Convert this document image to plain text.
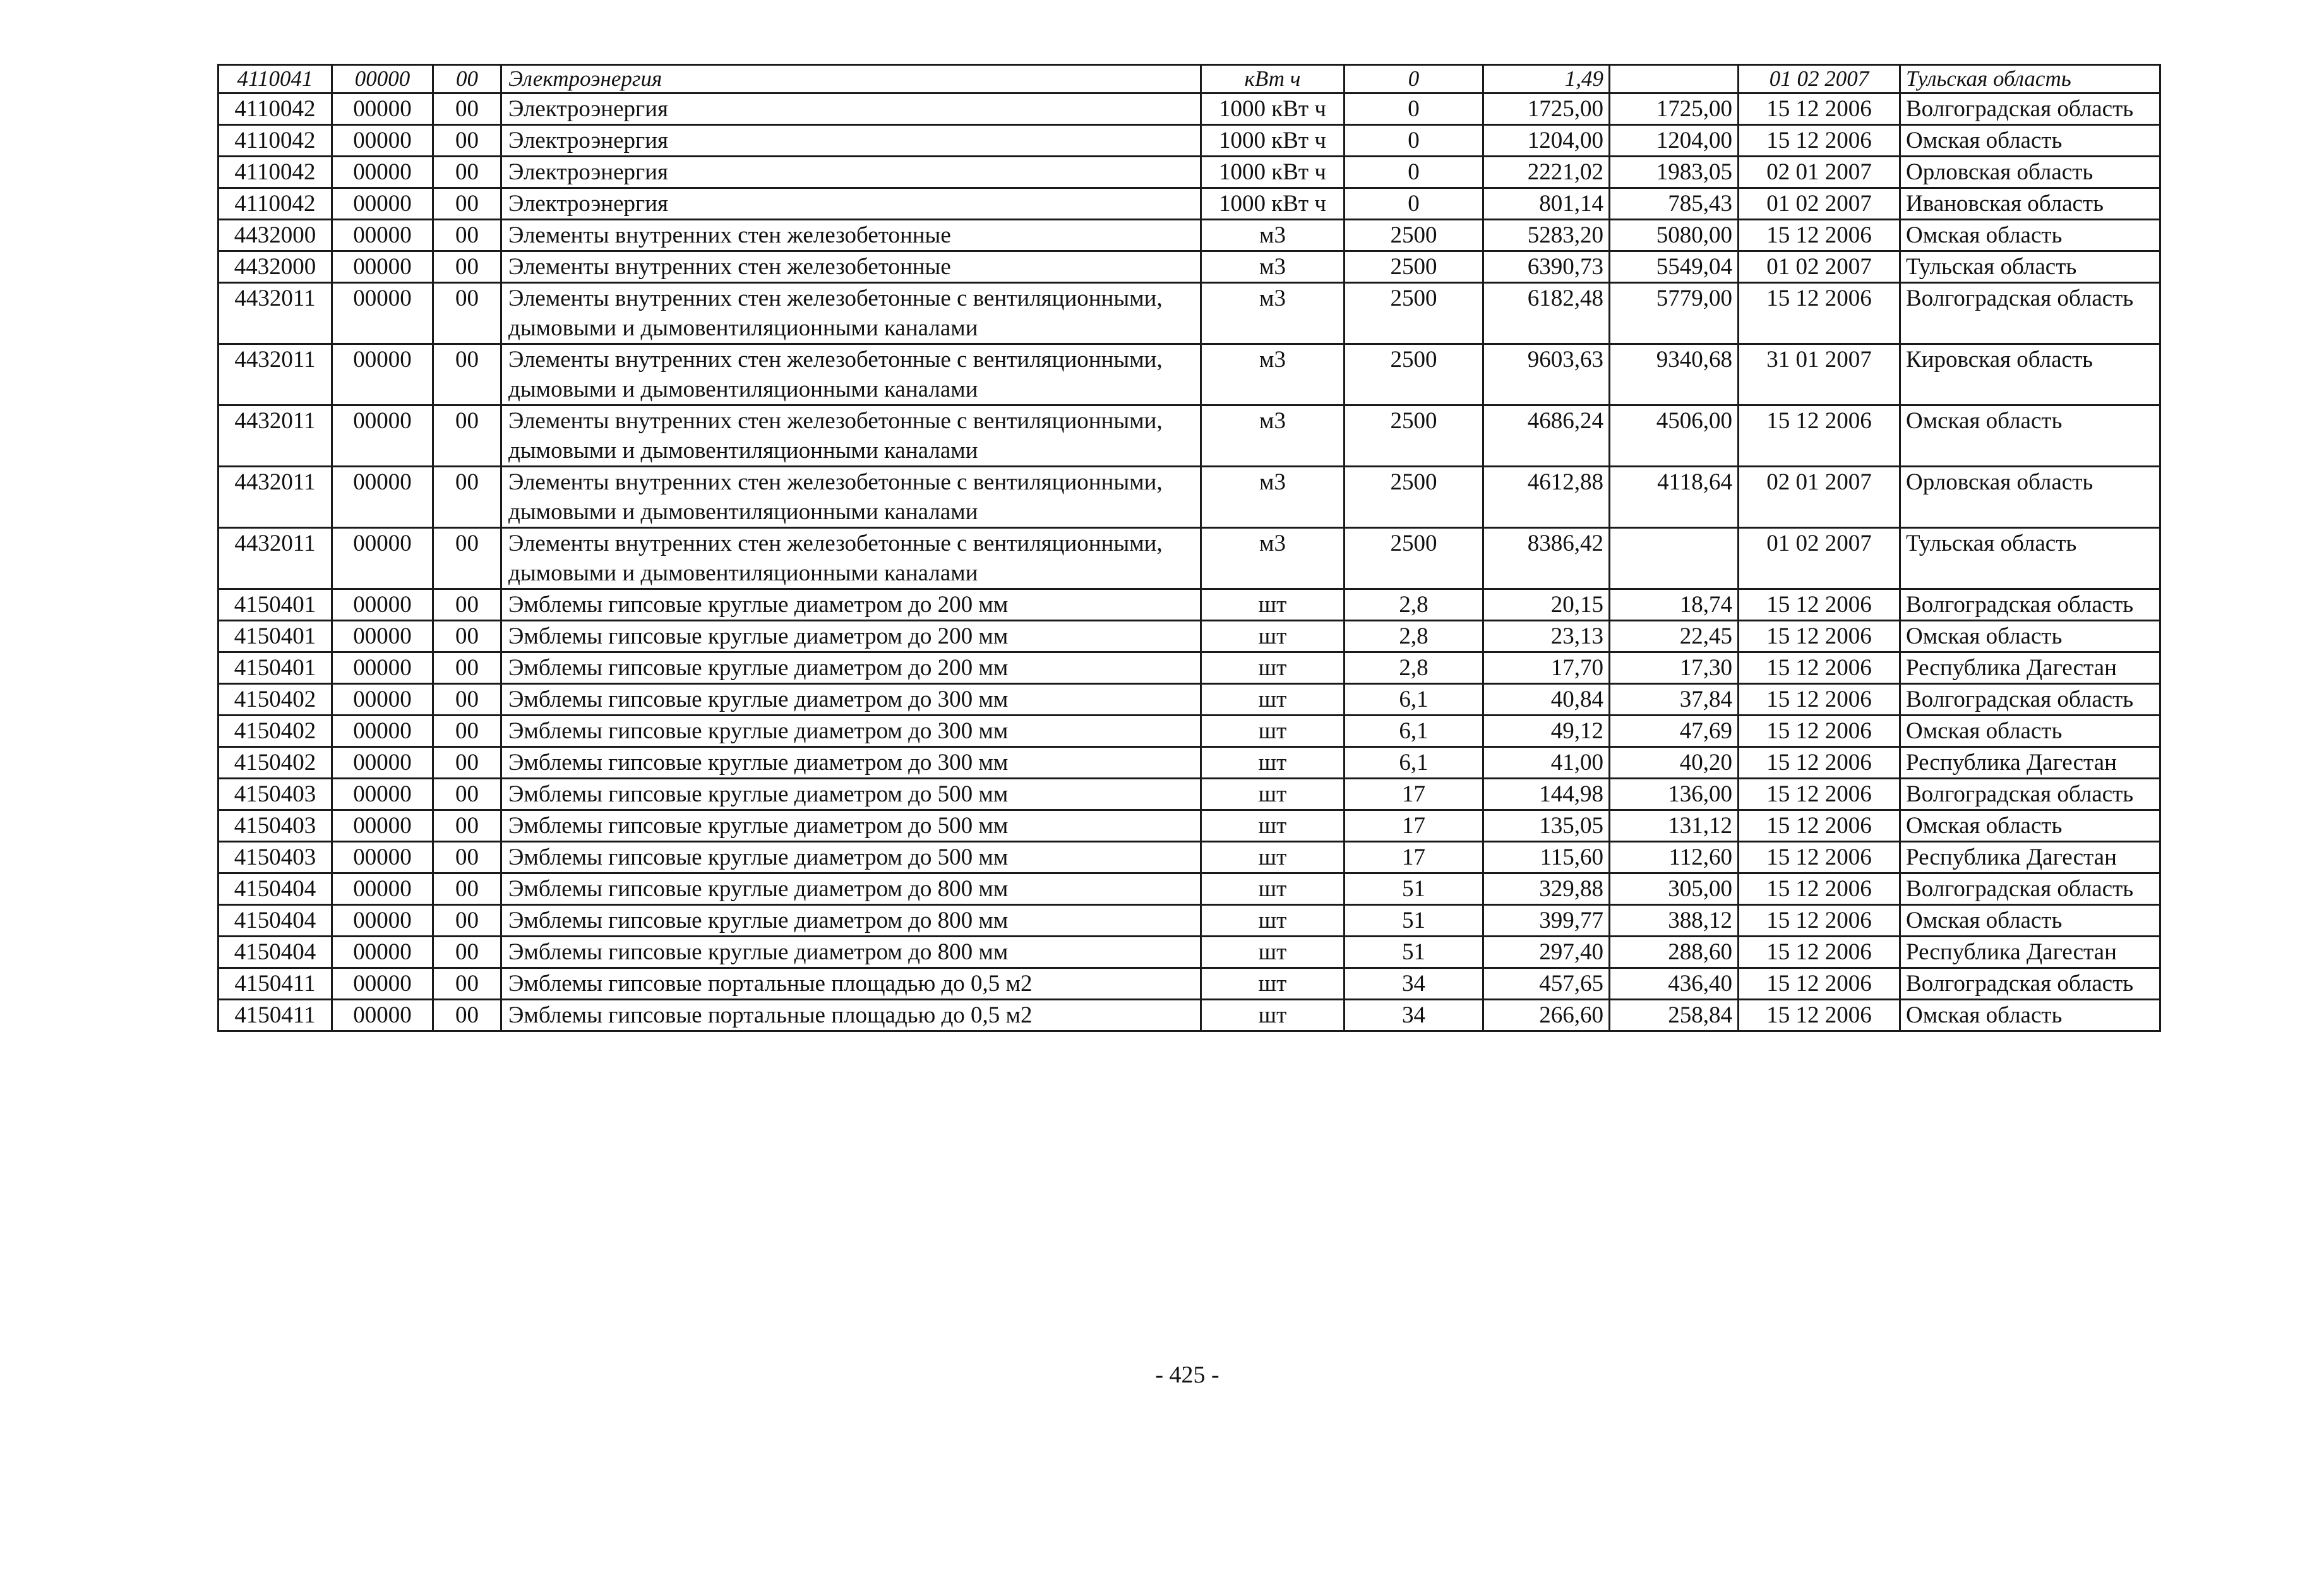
4110041	00000	00	Электроэнергия	кВт ч	0	1,49		01 02 2007	Тульская область
4110042	00000	00	Электроэнергия	1000 кВт ч	0	1725,00	1725,00	15 12 2006	Волгоградская область
4110042	00000	00	Электроэнергия	1000 кВт ч	0	1204,00	1204,00	15 12 2006	Омская область
4110042	00000	00	Электроэнергия	1000 кВт ч	0	2221,02	1983,05	02 01 2007	Орловская область
4110042	00000	00	Электроэнергия	1000 кВт ч	0	801,14	785,43	01 02 2007	Ивановская область
4432000	00000	00	Элементы внутренних стен железобетонные	м3	2500	5283,20	5080,00	15 12 2006	Омская область
4432000	00000	00	Элементы внутренних стен железобетонные	м3	2500	6390,73	5549,04	01 02 2007	Тульская область
4432011	00000	00	Элементы внутренних стен железобетонные с вентиляционными, дымовыми и дымовентиляционными каналами	м3	2500	6182,48	5779,00	15 12 2006	Волгоградская область
4432011	00000	00	Элементы внутренних стен железобетонные с вентиляционными, дымовыми и дымовентиляционными каналами	м3	2500	9603,63	9340,68	31 01 2007	Кировская область
4432011	00000	00	Элементы внутренних стен железобетонные с вентиляционными, дымовыми и дымовентиляционными каналами	м3	2500	4686,24	4506,00	15 12 2006	Омская область
4432011	00000	00	Элементы внутренних стен железобетонные с вентиляционными, дымовыми и дымовентиляционными каналами	м3	2500	4612,88	4118,64	02 01 2007	Орловская область
4432011	00000	00	Элементы внутренних стен железобетонные с вентиляционными, дымовыми и дымовентиляционными каналами	м3	2500	8386,42		01 02 2007	Тульская область
4150401	00000	00	Эмблемы гипсовые круглые диаметром до 200 мм	шт	2,8	20,15	18,74	15 12 2006	Волгоградская область
4150401	00000	00	Эмблемы гипсовые круглые диаметром до 200 мм	шт	2,8	23,13	22,45	15 12 2006	Омская область
4150401	00000	00	Эмблемы гипсовые круглые диаметром до 200 мм	шт	2,8	17,70	17,30	15 12 2006	Республика Дагестан
4150402	00000	00	Эмблемы гипсовые круглые диаметром до 300 мм	шт	6,1	40,84	37,84	15 12 2006	Волгоградская область
4150402	00000	00	Эмблемы гипсовые круглые диаметром до 300 мм	шт	6,1	49,12	47,69	15 12 2006	Омская область
4150402	00000	00	Эмблемы гипсовые круглые диаметром до 300 мм	шт	6,1	41,00	40,20	15 12 2006	Республика Дагестан
4150403	00000	00	Эмблемы гипсовые круглые диаметром до 500 мм	шт	17	144,98	136,00	15 12 2006	Волгоградская область
4150403	00000	00	Эмблемы гипсовые круглые диаметром до 500 мм	шт	17	135,05	131,12	15 12 2006	Омская область
4150403	00000	00	Эмблемы гипсовые круглые диаметром до 500 мм	шт	17	115,60	112,60	15 12 2006	Республика Дагестан
4150404	00000	00	Эмблемы гипсовые круглые диаметром до 800 мм	шт	51	329,88	305,00	15 12 2006	Волгоградская область
4150404	00000	00	Эмблемы гипсовые круглые диаметром до 800 мм	шт	51	399,77	388,12	15 12 2006	Омская область
4150404	00000	00	Эмблемы гипсовые круглые диаметром до 800 мм	шт	51	297,40	288,60	15 12 2006	Республика Дагестан
4150411	00000	00	Эмблемы гипсовые портальные площадью до 0,5 м2	шт	34	457,65	436,40	15 12 2006	Волгоградская область
4150411	00000	00	Эмблемы гипсовые портальные площадью до 0,5 м2	шт	34	266,60	258,84	15 12 2006	Омская область
- 425 -
